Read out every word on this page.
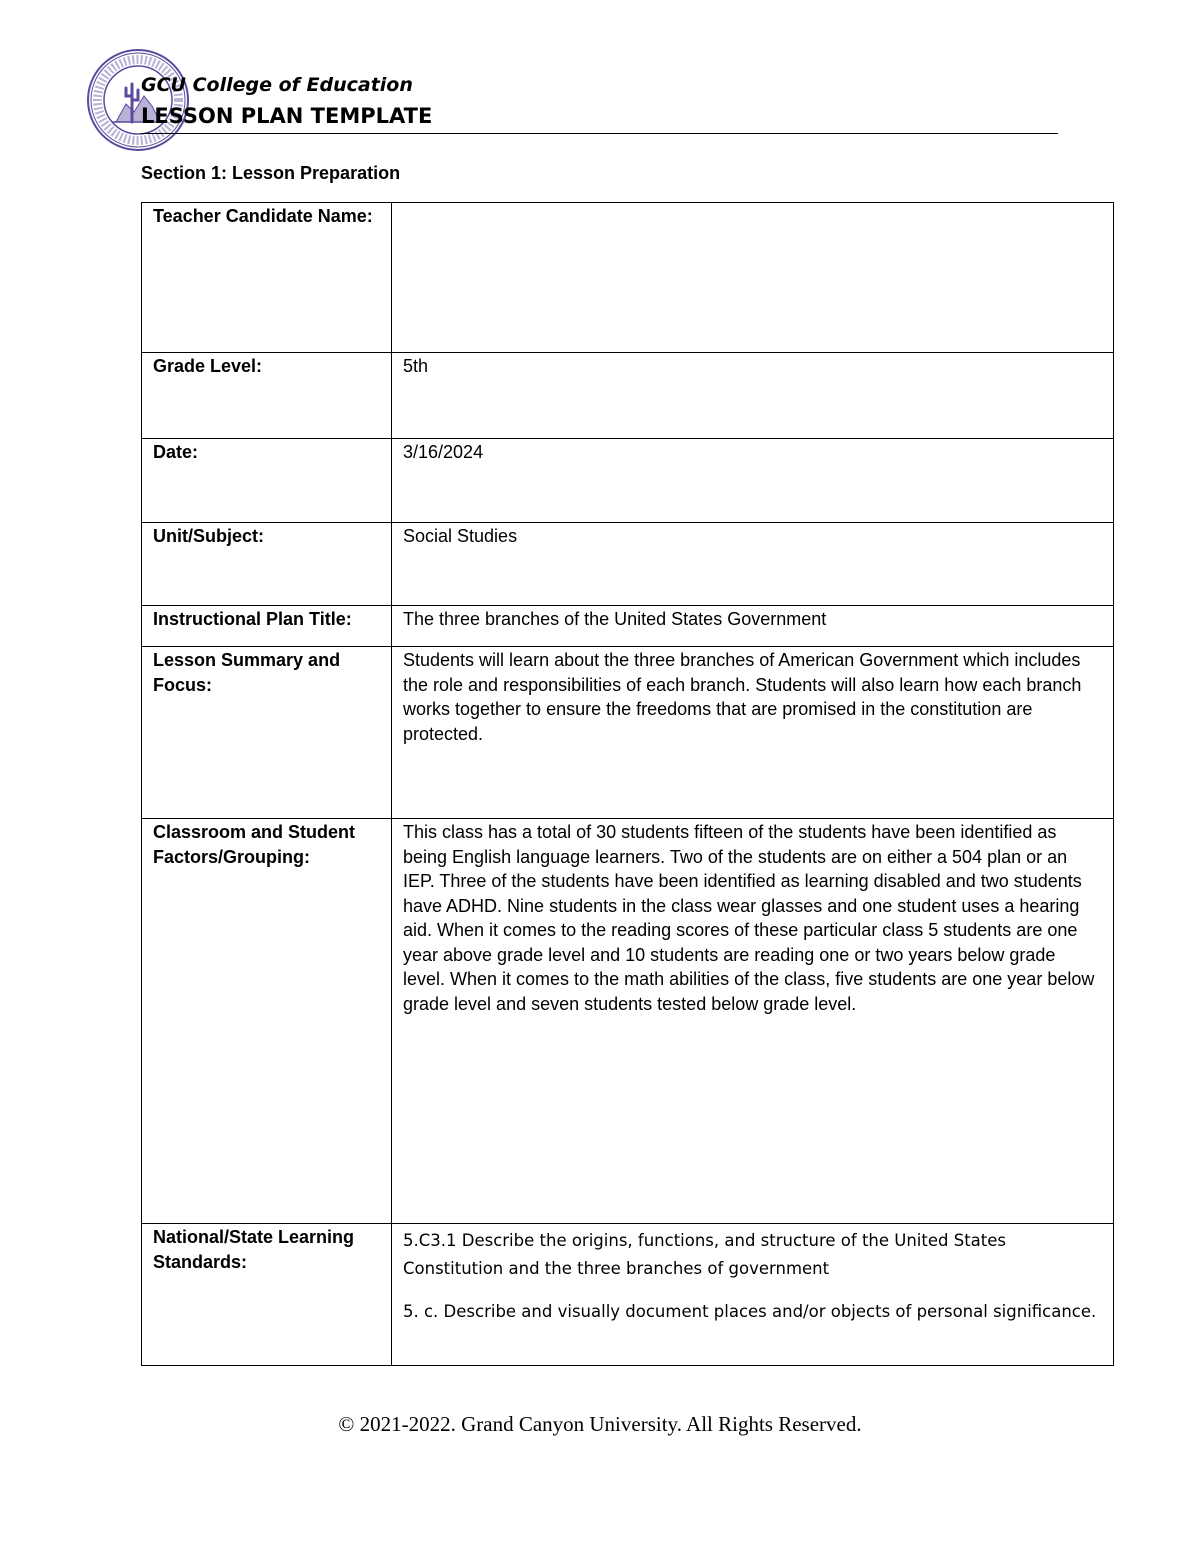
GCU College of Education
LESSON PLAN TEMPLATE
Section 1: Lesson Preparation
Teacher Candidate Name:	
Grade Level:	5th
Date:	3/16/2024
Unit/Subject:	Social Studies
Instructional Plan Title:	The three branches of the United States Government
Lesson Summary and Focus:	Students will learn about the three branches of American Government which includes the role and responsibilities of each branch. Students will also learn how each branch works together to ensure the freedoms that are promised in the constitution are protected.
Classroom and Student Factors/Grouping:	This class has a total of 30 students fifteen of the students have been identified as being English language learners. Two of the students are on either a 504 plan or an IEP. Three of the students have been identified as learning disabled and two students have ADHD. Nine students in the class wear glasses and one student uses a hearing aid. When it comes to the reading scores of these particular class 5 students are one year above grade level and 10 students are reading one or two years below grade level. When it comes to the math abilities of the class, five students are one year below grade level and seven students tested below grade level.
National/State Learning Standards:	5.C3.1 Describe the origins, functions, and structure of the United States Constitution and the three branches of government

5. c. Describe and visually document places and/or objects of personal significance.

© 2021-2022. Grand Canyon University. All Rights Reserved.
